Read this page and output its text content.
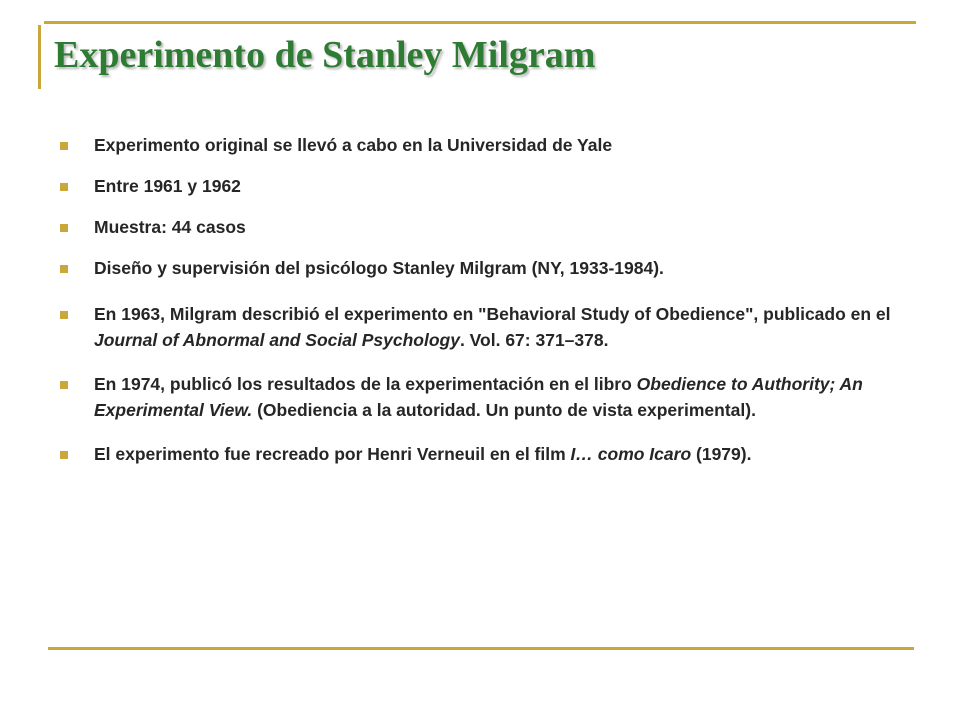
Experimento de Stanley Milgram
Experimento original se llevó a cabo en la Universidad de Yale
Entre 1961 y 1962
Muestra: 44 casos
Diseño y supervisión del psicólogo Stanley Milgram (NY, 1933-1984).
En 1963, Milgram describió el experimento en "Behavioral Study of Obedience", publicado en el Journal of Abnormal and Social Psychology. Vol. 67: 371–378.
En 1974, publicó los resultados de la experimentación en el libro Obedience to Authority; An Experimental View. (Obediencia a la autoridad. Un punto de vista experimental).
El experimento fue recreado por Henri Verneuil en el film I… como Icaro (1979).
